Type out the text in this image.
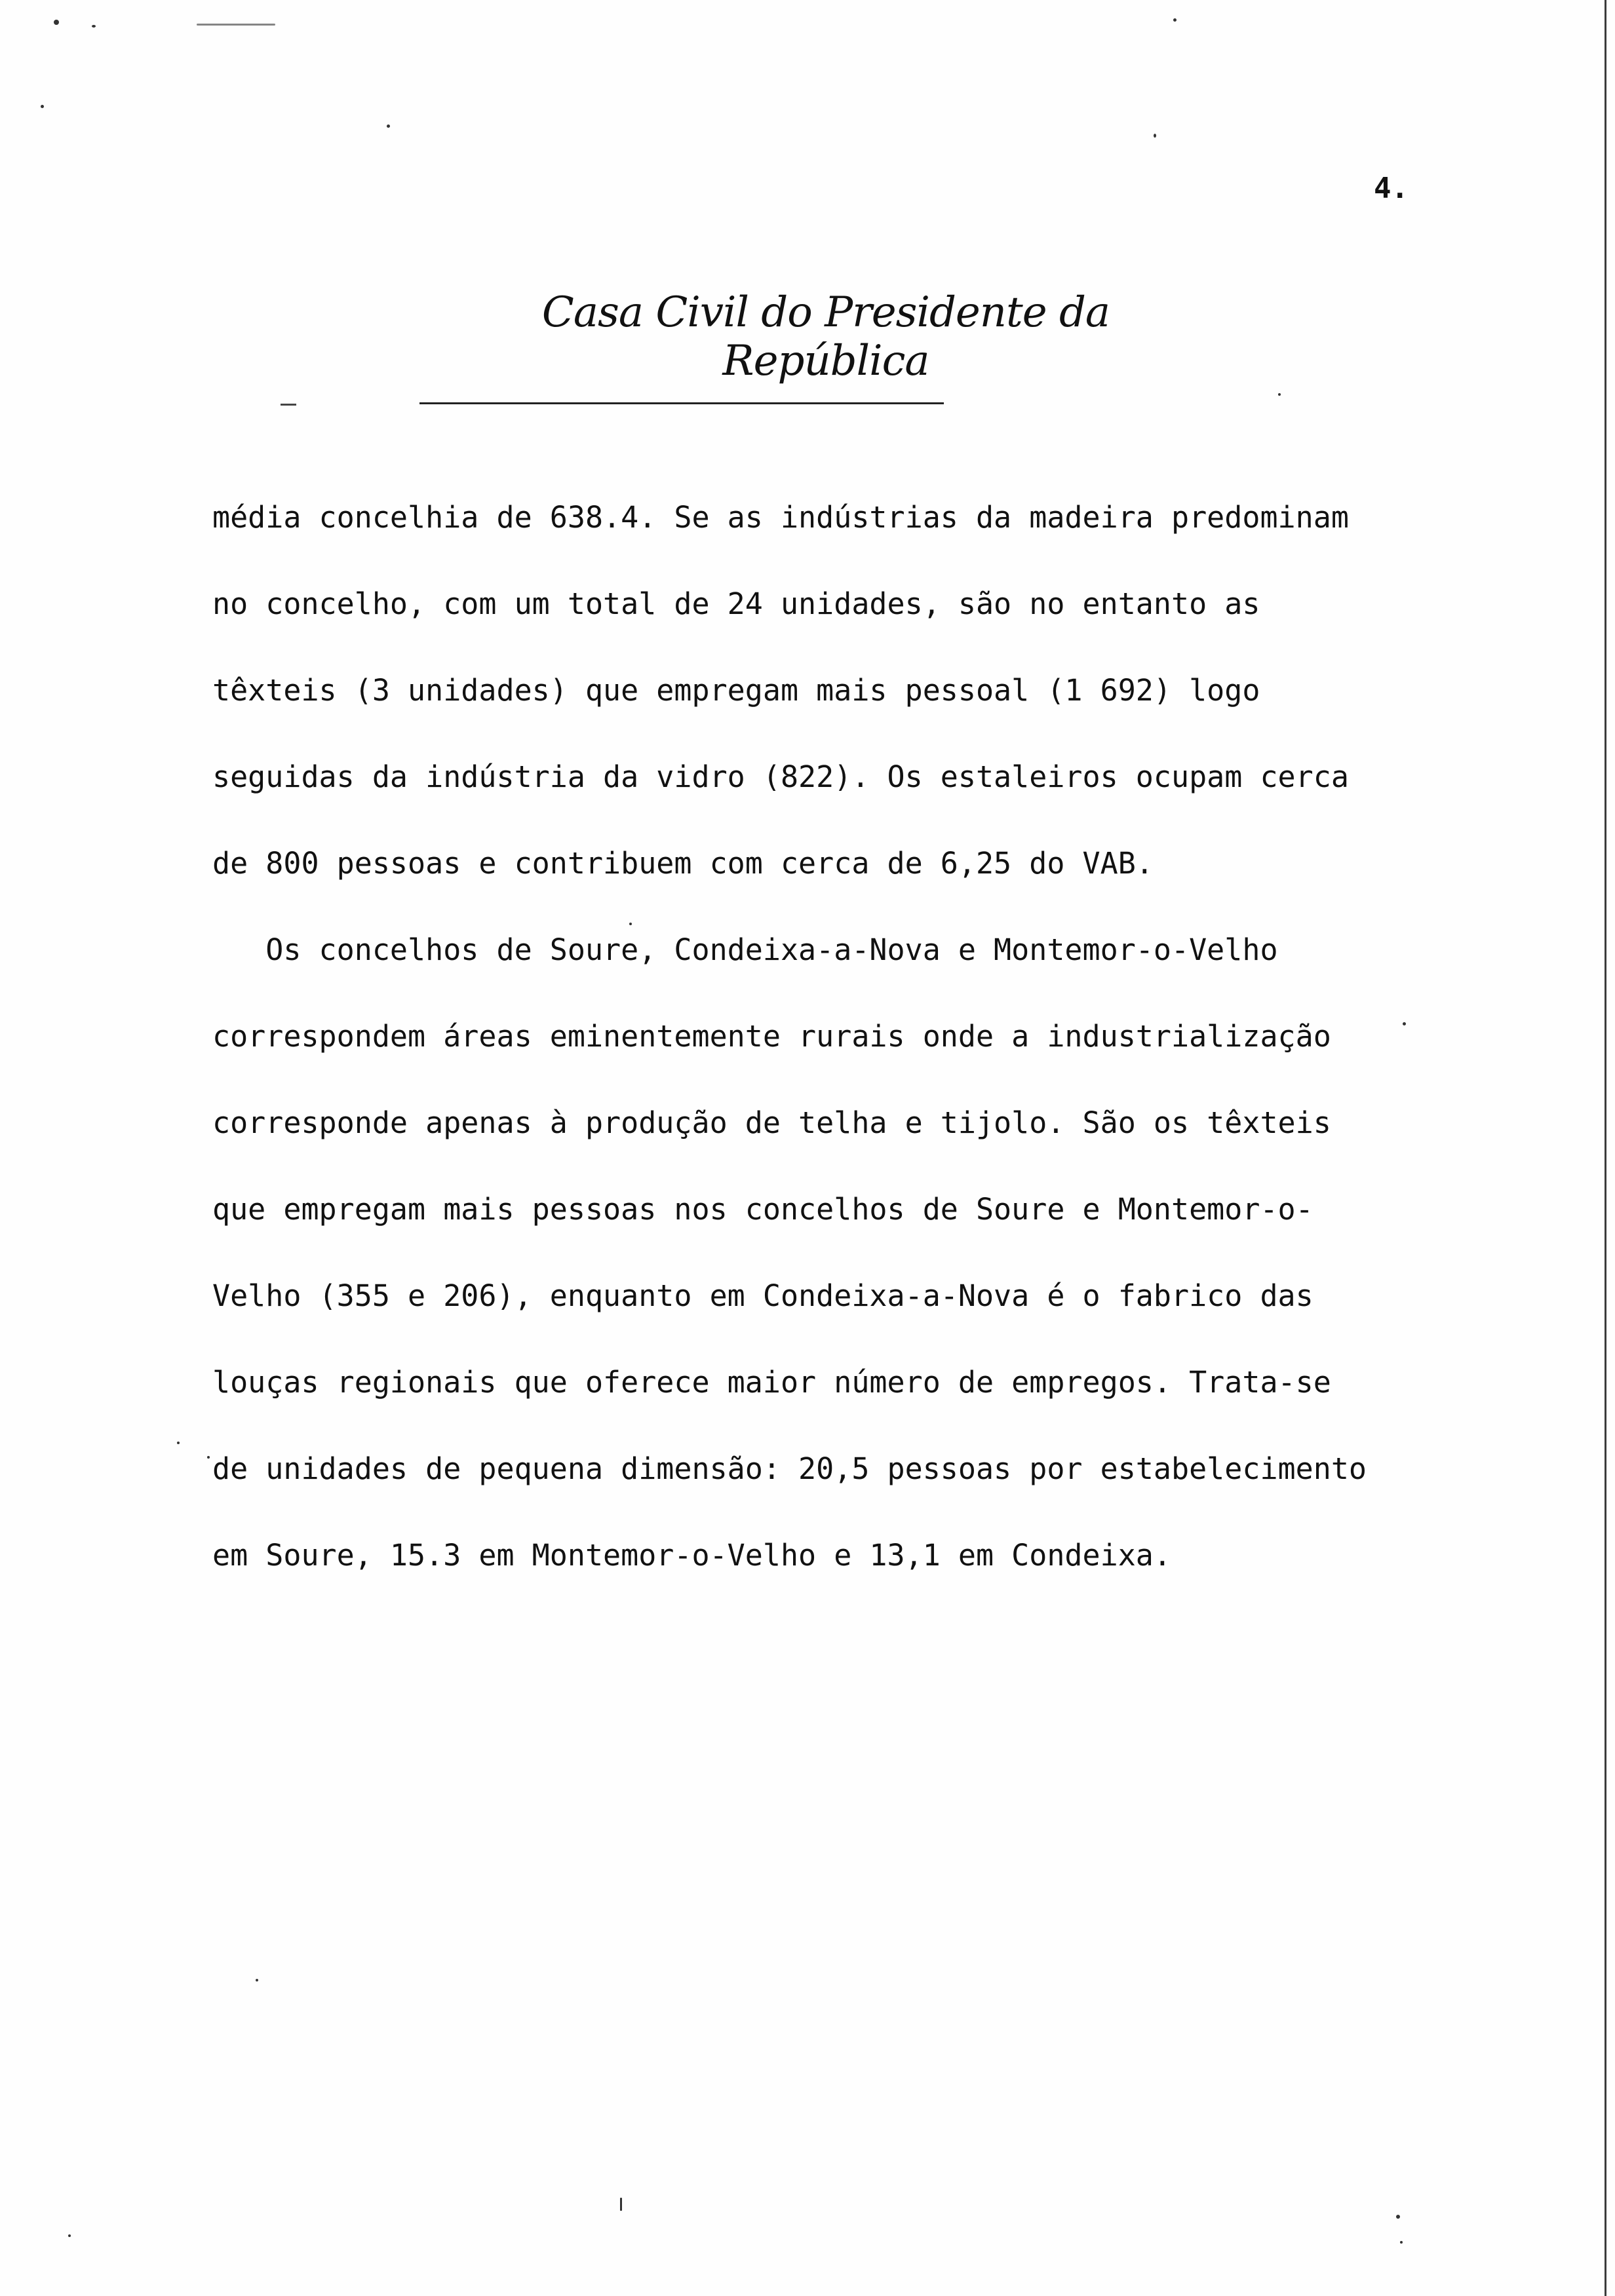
4.
Casa Civil do Presidente da República

média concelhia de 638.4. Se as indústrias da madeira predominam

no concelho, com um total de 24 unidades, são no entanto as

têxteis (3 unidades) que empregam mais pessoal (1 692) logo

seguidas da indústria da vidro (822). Os estaleiros ocupam cerca

de 800 pessoas e contribuem com cerca de 6,25 do VAB.

Os concelhos de Soure, Condeixa-a-Nova e Montemor-o-Velho

correspondem áreas eminentemente rurais onde a industrialização

corresponde apenas à produção de telha e tijolo. São os têxteis

que empregam mais pessoas nos concelhos de Soure e Montemor-o-

Velho (355 e 206), enquanto em Condeixa-a-Nova é o fabrico das

louças regionais que oferece maior número de empregos. Trata-se

de unidades de pequena dimensão: 20,5 pessoas por estabelecimento

em Soure, 15.3 em Montemor-o-Velho e 13,1 em Condeixa.
